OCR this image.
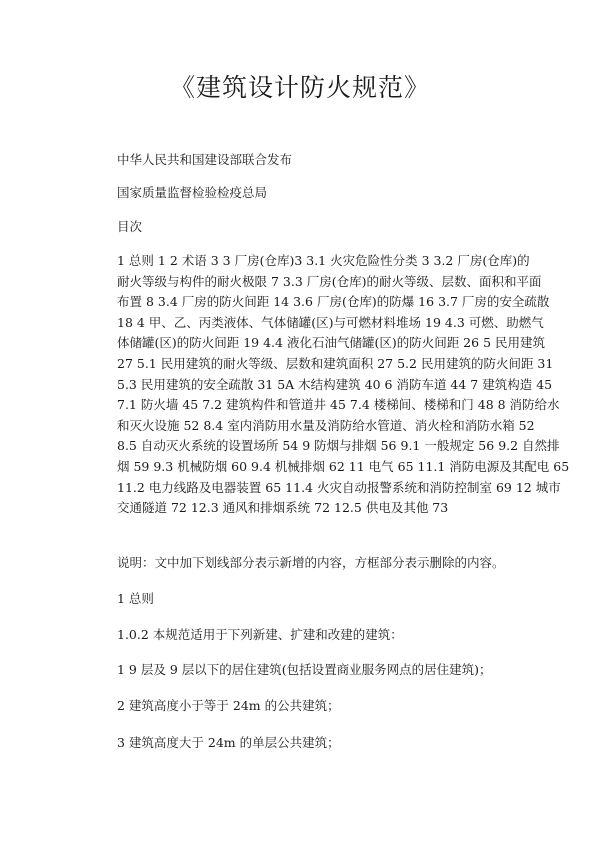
《建筑设计防火规范》

中华人民共和国建设部联合发布

国家质量监督检验检疫总局

目次

1 总则 1 2 术语 3 3 厂房(仓库)3 3.1 火灾危险性分类 3 3.2 厂房(仓库)的
耐火等级与构件的耐火极限 7 3.3 厂房(仓库)的耐火等级、层数、面积和平面
布置 8 3.4 厂房的防火间距 14 3.6 厂房(仓库)的防爆 16 3.7 厂房的安全疏散
18 4 甲、乙、丙类液体、气体储罐(区)与可燃材料堆场 19 4.3 可燃、助燃气
体储罐(区)的防火间距 19 4.4 液化石油气储罐(区)的防火间距 26 5 民用建筑
27 5.1 民用建筑的耐火等级、层数和建筑面积 27 5.2 民用建筑的防火间距 31
5.3 民用建筑的安全疏散 31 5A 木结构建筑 40 6 消防车道 44 7 建筑构造 45
7.1 防火墙 45 7.2 建筑构件和管道井 45 7.4 楼梯间、楼梯和门 48 8 消防给水
和灭火设施 52 8.4 室内消防用水量及消防给水管道、消火栓和消防水箱 52
8.5 自动灭火系统的设置场所 54 9 防烟与排烟 56 9.1 一般规定 56 9.2 自然排
烟 59 9.3 机械防烟 60 9.4 机械排烟 62 11 电气 65 11.1 消防电源及其配电 65
11.2 电力线路及电器装置 65 11.4 火灾自动报警系统和消防控制室 69 12 城市
交通隧道 72 12.3 通风和排烟系统 72 12.5 供电及其他 73

说明：文中加下划线部分表示新增的内容，方框部分表示删除的内容。

1 总则

1.0.2 本规范适用于下列新建、扩建和改建的建筑：

1 9 层及 9 层以下的居住建筑(包括设置商业服务网点的居住建筑)；

2 建筑高度小于等于 24m 的公共建筑；

3 建筑高度大于 24m 的单层公共建筑；
